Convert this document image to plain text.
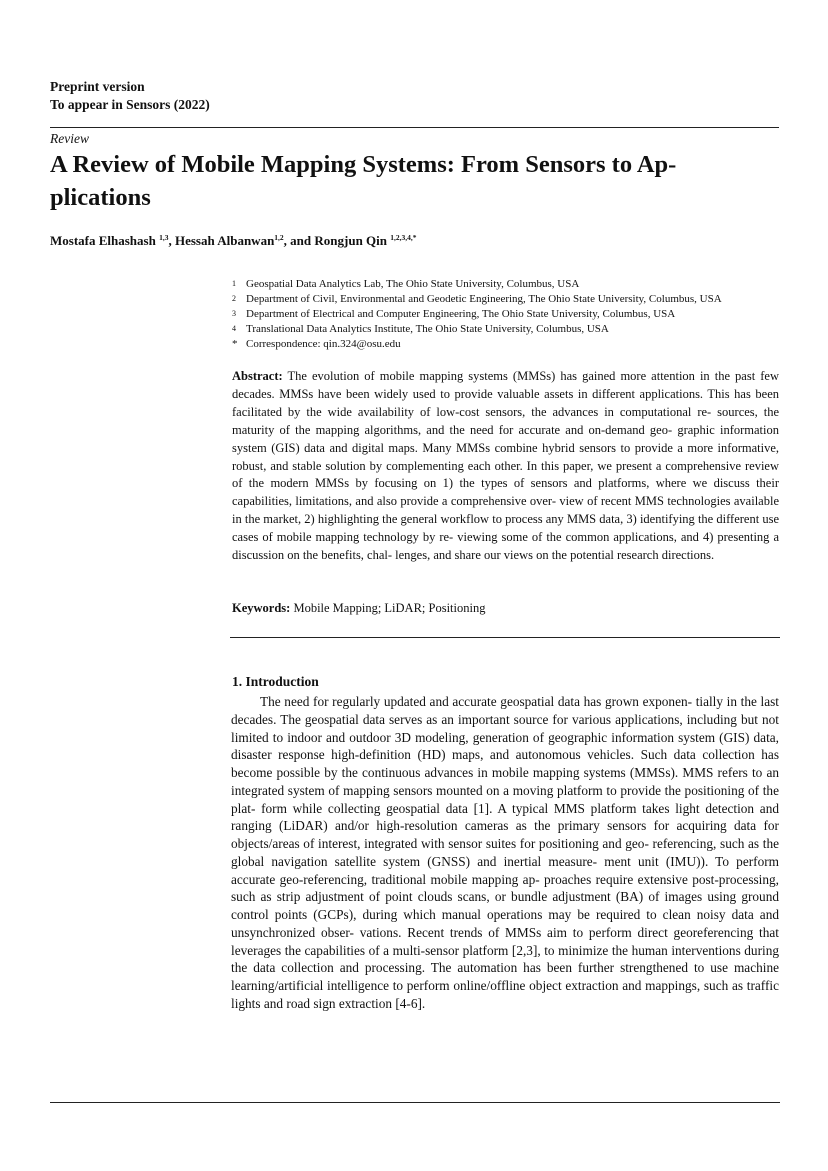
Preprint version
To appear in Sensors (2022)
Review
A Review of Mobile Mapping Systems: From Sensors to Ap- plications
Mostafa Elhashash $^{1,3}$, Hessah Albanwan$^{1,2}$, and Rongjun Qin $^{1,2,3,4,*}$
1 Geospatial Data Analytics Lab, The Ohio State University, Columbus, USA
2 Department of Civil, Environmental and Geodetic Engineering, The Ohio State University, Columbus, USA
3 Department of Electrical and Computer Engineering, The Ohio State University, Columbus, USA
4 Translational Data Analytics Institute, The Ohio State University, Columbus, USA
* Correspondence: qin.324@osu.edu

Abstract: The evolution of mobile mapping systems (MMSs) has gained more attention in the past few decades. MMSs have been widely used to provide valuable assets in different applications. This has been facilitated by the wide availability of low-cost sensors, the advances in computational re- sources, the maturity of the mapping algorithms, and the need for accurate and on-demand geo- graphic information system (GIS) data and digital maps. Many MMSs combine hybrid sensors to provide a more informative, robust, and stable solution by complementing each other. In this paper, we present a comprehensive review of the modern MMSs by focusing on 1) the types of sensors and platforms, where we discuss their capabilities, limitations, and also provide a comprehensive over- view of recent MMS technologies available in the market, 2) highlighting the general workflow to process any MMS data, 3) identifying the different use cases of mobile mapping technology by re- viewing some of the common applications, and 4) presenting a discussion on the benefits, chal- lenges, and share our views on the potential research directions.

Keywords: Mobile Mapping; LiDAR; Positioning
1. Introduction

The need for regularly updated and accurate geospatial data has grown exponen- tially in the last decades. The geospatial data serves as an important source for various applications, including but not limited to indoor and outdoor 3D modeling, generation of geographic information system (GIS) data, disaster response high-definition (HD) maps, and autonomous vehicles. Such data collection has become possible by the continuous advances in mobile mapping systems (MMSs). MMS refers to an integrated system of mapping sensors mounted on a moving platform to provide the positioning of the plat- form while collecting geospatial data [1]. A typical MMS platform takes light detection and ranging (LiDAR) and/or high-resolution cameras as the primary sensors for acquiring data for objects/areas of interest, integrated with sensor suites for positioning and geo- referencing, such as the global navigation satellite system (GNSS) and inertial measure- ment unit (IMU)). To perform accurate geo-referencing, traditional mobile mapping ap- proaches require extensive post-processing, such as strip adjustment of point clouds scans, or bundle adjustment (BA) of images using ground control points (GCPs), during which manual operations may be required to clean noisy data and unsynchronized obser- vations. Recent trends of MMSs aim to perform direct georeferencing that leverages the capabilities of a multi-sensor platform [2,3], to minimize the human interventions during the data collection and processing. The automation has been further strengthened to use machine learning/artificial intelligence to perform online/offline object extraction and mappings, such as traffic lights and road sign extraction [4-6].
